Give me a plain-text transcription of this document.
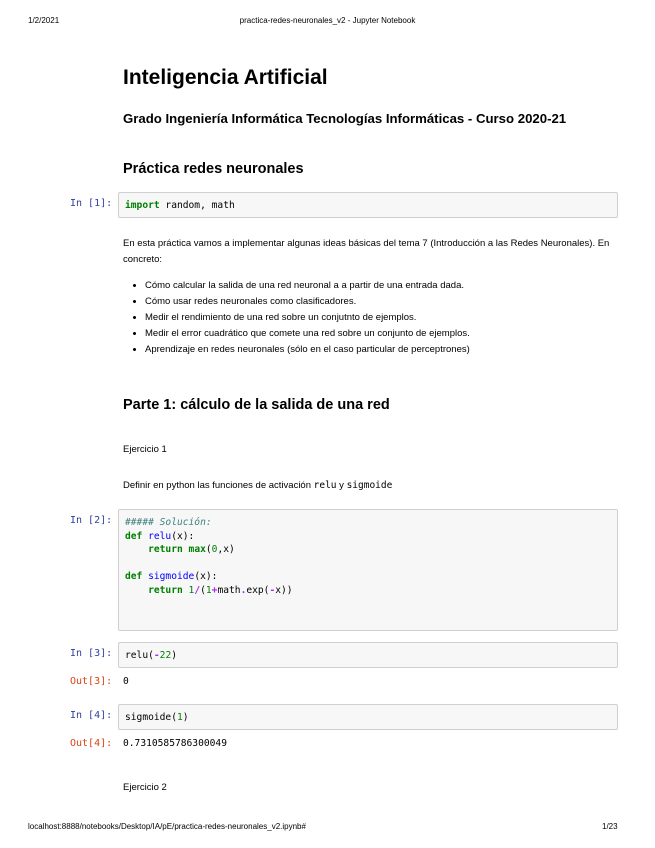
1/2/2021	practica-redes-neuronales_v2 - Jupyter Notebook
Inteligencia Artificial
Grado Ingeniería Informática Tecnologías Informáticas - Curso 2020-21
Práctica redes neuronales
In [1]:	import random, math
En esta práctica vamos a implementar algunas ideas básicas del tema 7 (Introducción a las Redes Neuronales). En concreto:
• Cómo calcular la salida de una red neuronal a a partir de una entrada dada.
• Cómo usar redes neuronales como clasificadores.
• Medir el rendimiento de una red sobre un conjutnto de ejemplos.
• Medir el error cuadrático que comete una red sobre un conjunto de ejemplos.
• Aprendizaje en redes neuronales (sólo en el caso particular de perceptrones)
Parte 1: cálculo de la salida de una red
Ejercicio 1
Definir en python las funciones de activación relu y sigmoide
In [2]:	##### Solución:
def relu(x):
return max(0,x)

def sigmoide(x):
return 1/(1+math.exp(-x))
In [3]:	relu(-22)
Out[3]:	0
In [4]:	sigmoide(1)
Out[4]:	0.7310585786300049
Ejercicio 2
localhost:8888/notebooks/Desktop/IA/pE/practica-redes-neuronales_v2.ipynb#	1/23
